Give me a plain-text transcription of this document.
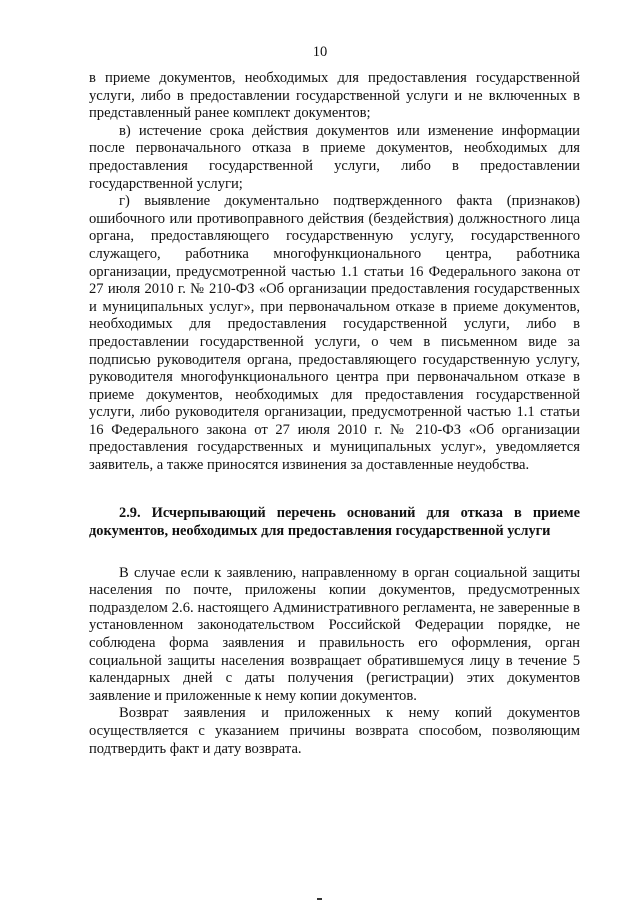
10

в приеме документов, необходимых для предоставления государственной услуги, либо в предоставлении государственной услуги и не включенных в представленный ранее комплект документов;

в) истечение срока действия документов или изменение информации после первоначального отказа в приеме документов, необходимых для предоставления государственной услуги, либо в предоставлении государственной услуги;

г) выявление документально подтвержденного факта (признаков) ошибочного или противоправного действия (бездействия) должностного лица органа, предоставляющего государственную услугу, государственного служащего, работника многофункционального центра, работника организации, предусмотренной частью 1.1 статьи 16 Федерального закона от 27 июля 2010 г. № 210-ФЗ «Об организации предоставления государственных и муниципальных услуг», при первоначальном отказе в приеме документов, необходимых для предоставления государственной услуги, либо в предоставлении государственной услуги, о чем в письменном виде за подписью руководителя органа, предоставляющего государственную услугу, руководителя многофункционального центра при первоначальном отказе в приеме документов, необходимых для предоставления государственной услуги, либо руководителя организации, предусмотренной частью 1.1 статьи 16 Федерального закона от 27 июля 2010 г. № 210-ФЗ «Об организации предоставления государственных и муниципальных услуг», уведомляется заявитель, а также приносятся извинения за доставленные неудобства.

2.9. Исчерпывающий перечень оснований для отказа в приеме документов, необходимых для предоставления государственной услуги

В случае если к заявлению, направленному в орган социальной защиты населения по почте, приложены копии документов, предусмотренных подразделом 2.6. настоящего Административного регламента, не заверенные в установленном законодательством Российской Федерации порядке, не соблюдена форма заявления и правильность его оформления, орган социальной защиты населения возвращает обратившемуся лицу в течение 5 календарных дней с даты получения (регистрации) этих документов заявление и приложенные к нему копии документов.

Возврат заявления и приложенных к нему копий документов осуществляется с указанием причины возврата способом, позволяющим подтвердить факт и дату возврата.
